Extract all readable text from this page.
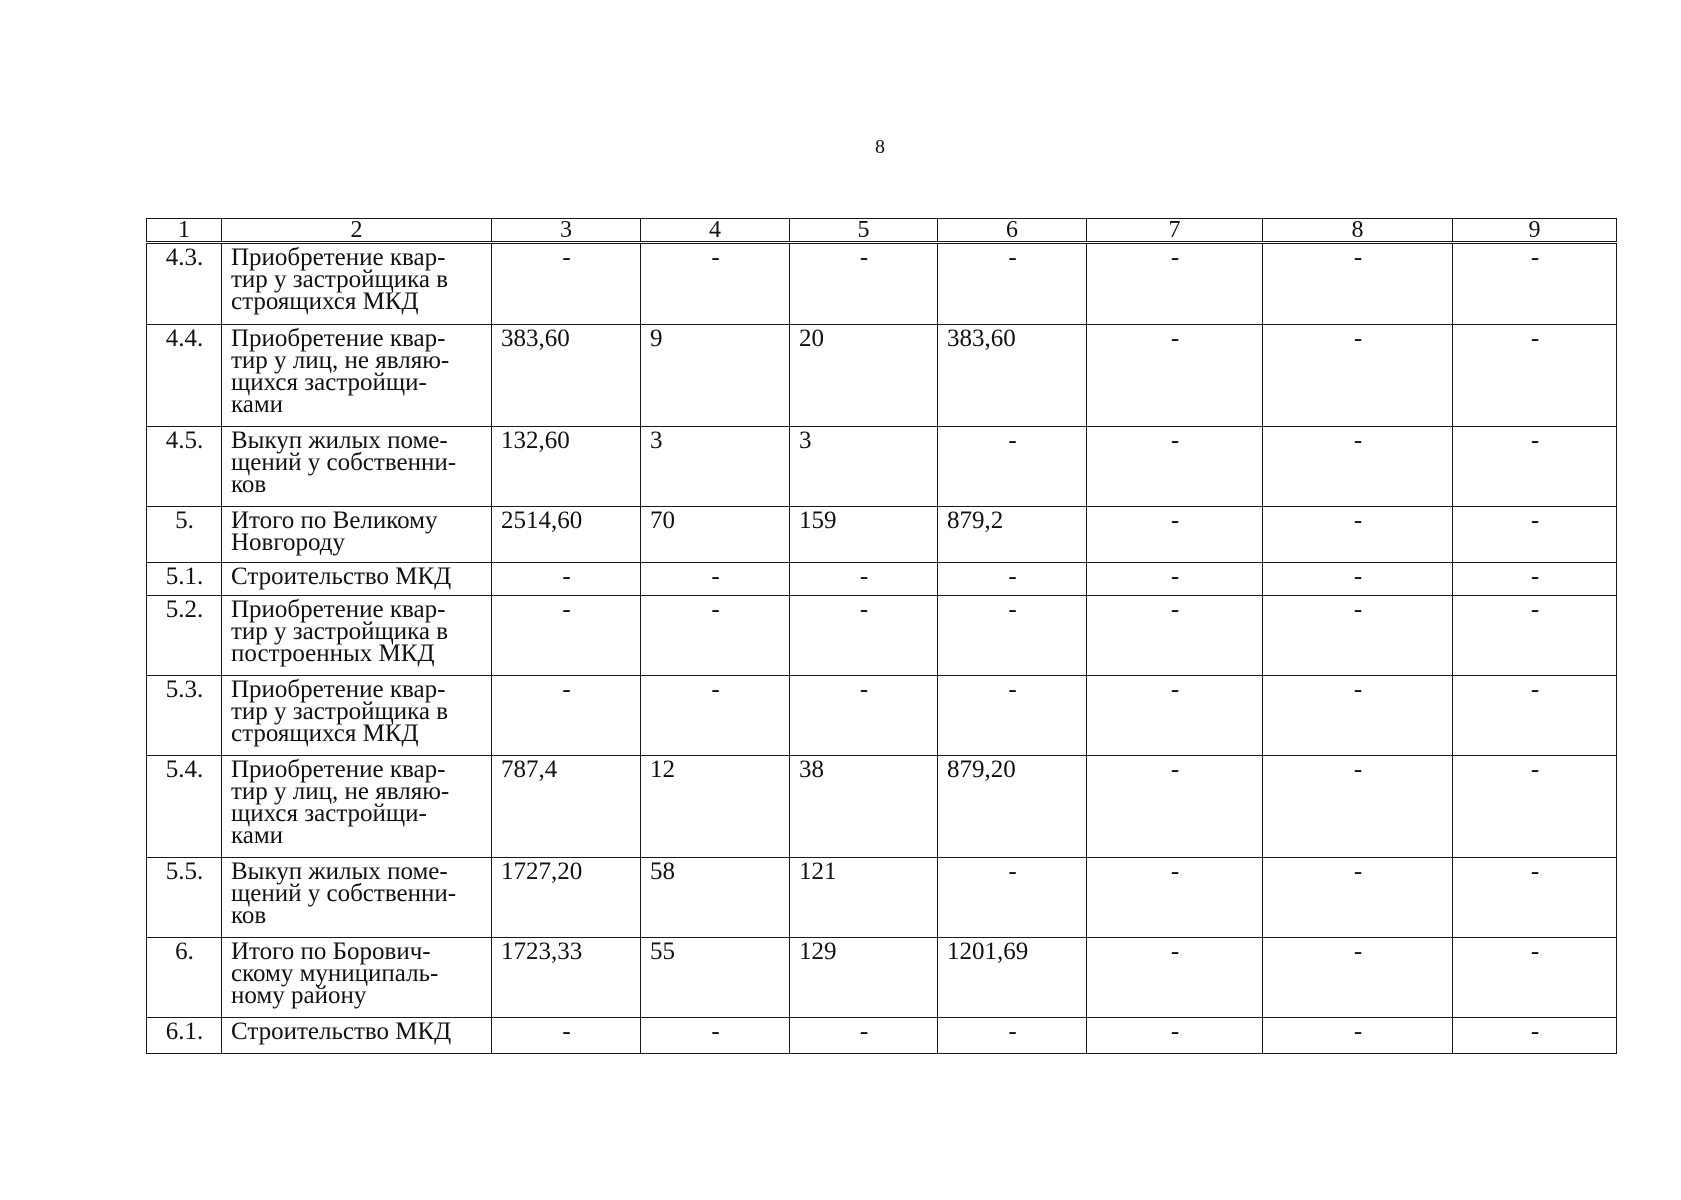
8
1	2	3	4	5	6	7	8	9
4.3.	Приобретение квар-
тир у застройщика в
строящихся МКД	-	-	-	-	-	-	-
4.4.	Приобретение квар-
тир у лиц, не являю-
щихся застройщи-
ками	383,60	9	20	383,60	-	-	-
4.5.	Выкуп жилых поме-
щений у собственни-
ков	132,60	3	3	-	-	-	-
5.	Итого по Великому
Новгороду	2514,60	70	159	879,2	-	-	-
5.1.	Строительство МКД	-	-	-	-	-	-	-
5.2.	Приобретение квар-
тир у застройщика в
построенных МКД	-	-	-	-	-	-	-
5.3.	Приобретение квар-
тир у застройщика в
строящихся МКД	-	-	-	-	-	-	-
5.4.	Приобретение квар-
тир у лиц, не являю-
щихся застройщи-
ками	787,4	12	38	879,20	-	-	-
5.5.	Выкуп жилых поме-
щений у собственни-
ков	1727,20	58	121	-	-	-	-
6.	Итого по Борович-
скому муниципаль-
ному району	1723,33	55	129	1201,69	-	-	-
6.1.	Строительство МКД	-	-	-	-	-	-	-
